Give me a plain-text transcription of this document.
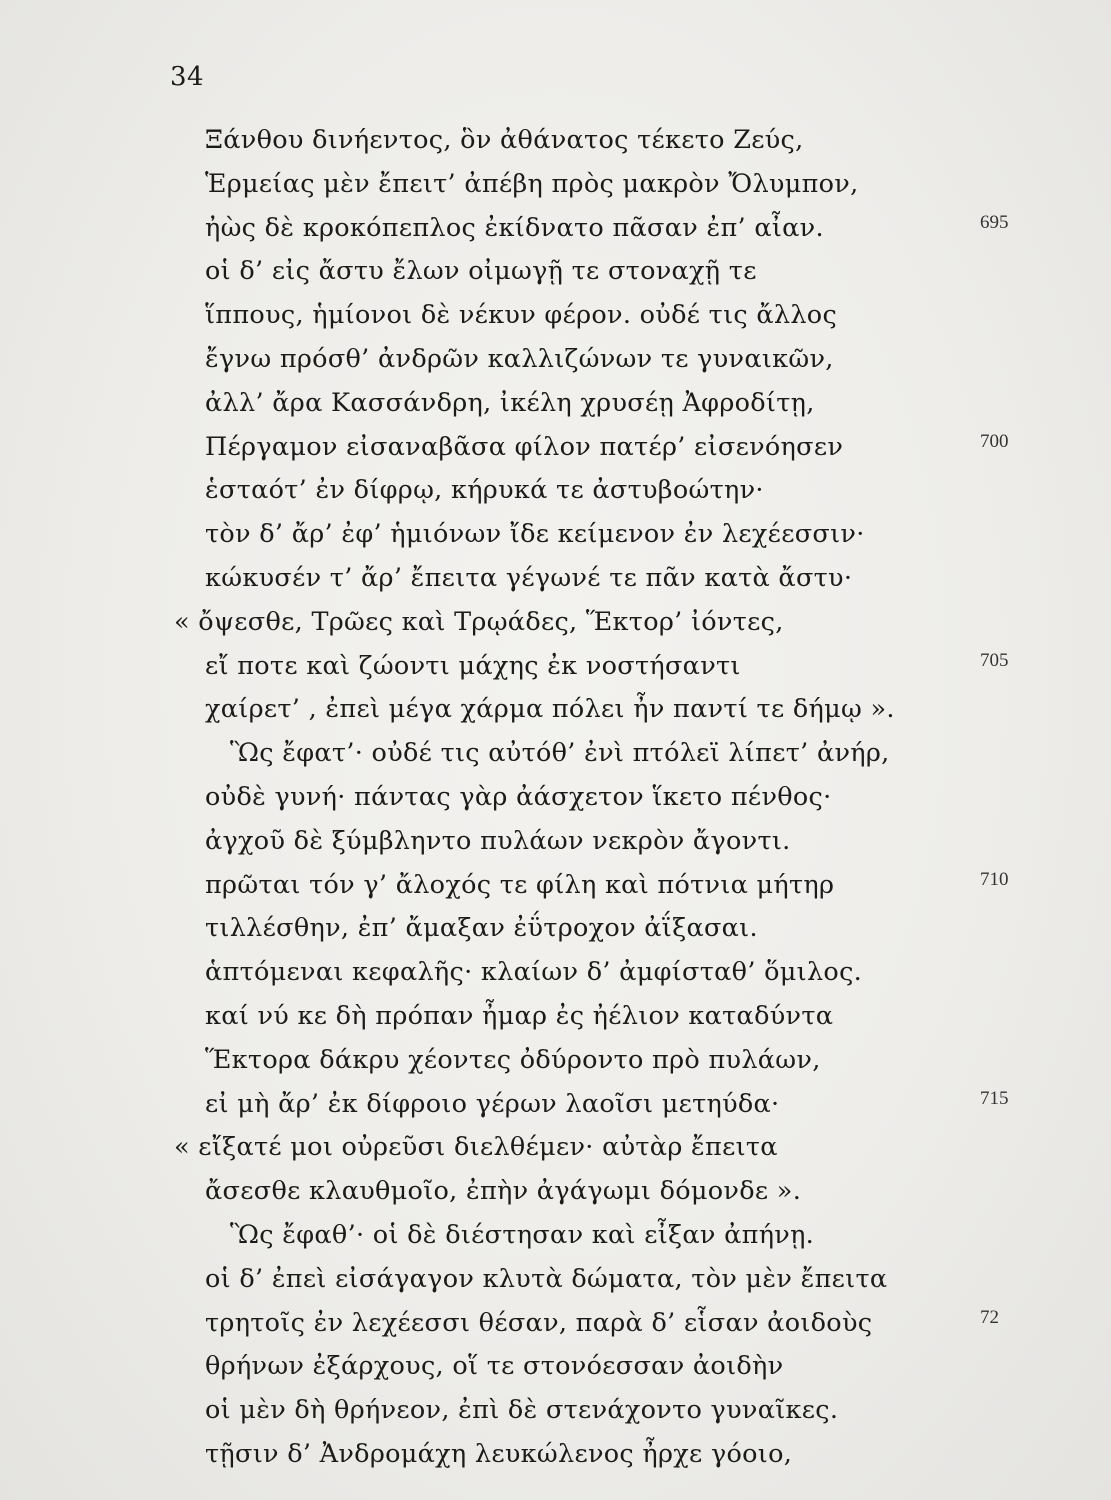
34
Ξάνθου δινήεντος, ὃν ἀθάνατος τέκετο Ζεύς,
Ἑρμείας μὲν ἔπειτ’ ἀπέβη πρὸς μακρὸν Ὄλυμπον,
ἠὼς δὲ κροκόπεπλος ἐκίδνατο πᾶσαν ἐπ’ αἶαν.	695
οἱ δ’ εἰς ἄστυ ἔλων οἰμωγῇ τε στοναχῇ τε
ἵππους, ἡμίονοι δὲ νέκυν φέρον. οὐδέ τις ἄλλος
ἔγνω πρόσθ’ ἀνδρῶν καλλιζώνων τε γυναικῶν,
ἀλλ’ ἄρα Κασσάνδρη, ἰκέλη χρυσέῃ Ἀφροδίτῃ,
Πέργαμον εἰσαναβᾶσα φίλον πατέρ’ εἰσενόησεν	700
ἑσταότ’ ἐν δίφρῳ, κήρυκά τε ἀστυβοώτην·
τὸν δ’ ἄρ’ ἐφ’ ἡμιόνων ἴδε κείμενον ἐν λεχέεσσιν·
κώκυσέν τ’ ἄρ’ ἔπειτα γέγωνέ τε πᾶν κατὰ ἄστυ·
« ὄψεσθε, Τρῶες καὶ Τρῳάδες, Ἕκτορ’ ἰόντες,
εἴ ποτε καὶ ζώοντι μάχης ἐκ νοστήσαντι	705
χαίρετ’ , ἐπεὶ μέγα χάρμα πόλει ἦν παντί τε δήμῳ ».
Ὣς ἔφατ’· οὐδέ τις αὐτόθ’ ἐνὶ πτόλεϊ λίπετ’ ἀνήρ,
οὐδὲ γυνή· πάντας γὰρ ἀάσχετον ἵκετο πένθος·
ἀγχοῦ δὲ ξύμβληντο πυλάων νεκρὸν ἄγοντι.
πρῶται τόν γ’ ἄλοχός τε φίλη καὶ πότνια μήτηρ	710
τιλλέσθην, ἐπ’ ἄμαξαν ἐΰτροχον ἀΐξασαι.
ἁπτόμεναι κεφαλῆς· κλαίων δ’ ἀμφίσταθ’ ὅμιλος.
καί νύ κε δὴ πρόπαν ἦμαρ ἐς ἠέλιον καταδύντα
Ἕκτορα δάκρυ χέοντες ὀδύροντο πρὸ πυλάων,
εἰ μὴ ἄρ’ ἐκ δίφροιο γέρων λαοῖσι μετηύδα·	715
« εἴξατέ μοι οὐρεῦσι διελθέμεν· αὐτὰρ ἔπειτα
ἄσεσθε κλαυθμοῖο, ἐπὴν ἀγάγωμι δόμονδε ».
Ὣς ἔφαθ’· οἱ δὲ διέστησαν καὶ εἶξαν ἀπήνῃ.
οἱ δ’ ἐπεὶ εἰσάγαγον κλυτὰ δώματα, τὸν μὲν ἔπειτα
τρητοῖς ἐν λεχέεσσι θέσαν, παρὰ δ’ εἷσαν ἀοιδοὺς	72
θρήνων ἐξάρχους, οἵ τε στονόεσσαν ἀοιδὴν
οἱ μὲν δὴ θρήνεον, ἐπὶ δὲ στενάχοντο γυναῖκες.
τῇσιν δ’ Ἀνδρομάχη λευκώλενος ἦρχε γόοιο,
